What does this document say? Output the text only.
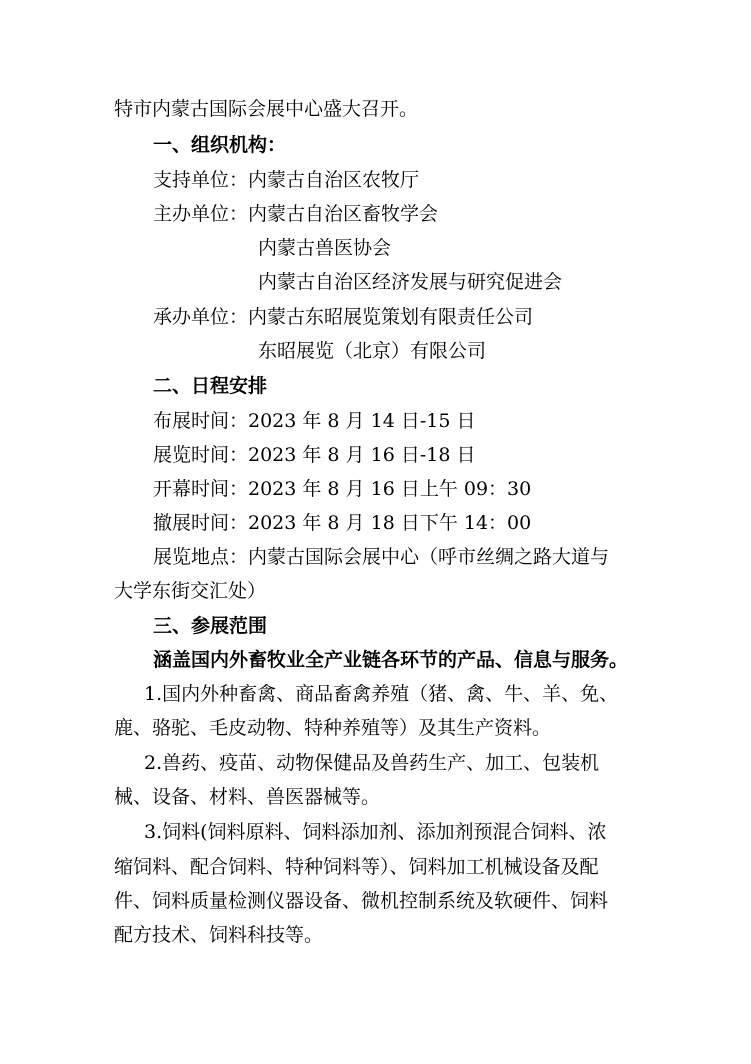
特市内蒙古国际会展中心盛大召开。
一、组织机构：
支持单位：内蒙古自治区农牧厅
主办单位：内蒙古自治区畜牧学会
内蒙古兽医协会
内蒙古自治区经济发展与研究促进会
承办单位：内蒙古东昭展览策划有限责任公司
东昭展览（北京）有限公司
二、日程安排
布展时间：2023 年 8 月 14 日-15 日
展览时间：2023 年 8 月 16 日-18 日
开幕时间：2023 年 8 月 16 日上午 09：30
撤展时间：2023 年 8 月 18 日下午 14：00
展览地点：内蒙古国际会展中心（呼市丝绸之路大道与
大学东街交汇处）
三、参展范围
涵盖国内外畜牧业全产业链各环节的产品、信息与服务。
1.国内外种畜禽、商品畜禽养殖（猪、禽、牛、羊、免、
鹿、骆驼、毛皮动物、特种养殖等）及其生产资料。
2.兽药、疫苗、动物保健品及兽药生产、加工、包装机
械、设备、材料、兽医器械等。
3.饲料(饲料原料、饲料添加剂、添加剂预混合饲料、浓
缩饲料、配合饲料、特种饲料等）、饲料加工机械设备及配
件、饲料质量检测仪器设备、微机控制系统及软硬件、饲料
配方技术、饲料科技等。
